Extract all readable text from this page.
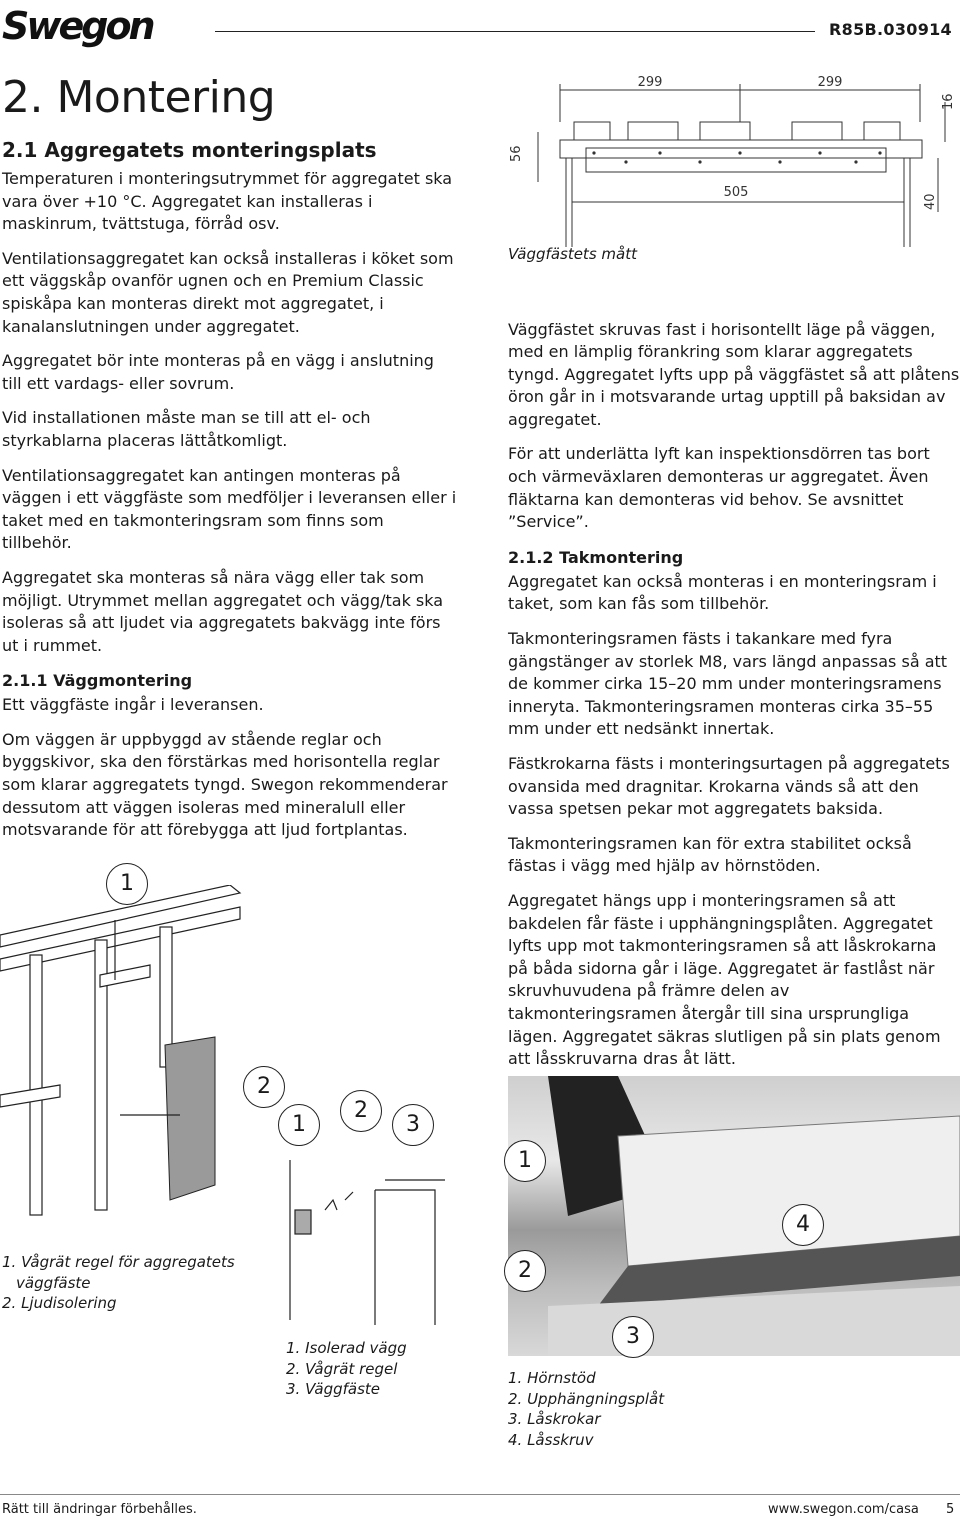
Swegon	R85B.030914
2. Montering
2.1 Aggregatets monteringsplats

Temperaturen i monteringsutrymmet för aggregatet ska vara över +10 °C. Aggregatet kan installeras i maskinrum, tvättstuga, förråd osv.

Ventilationsaggregatet kan också installeras i köket som ett väggskåp ovanför ugnen och en Premium Classic spiskåpa kan monteras direkt mot aggregatet, i kanalanslutningen under aggregatet.

Aggregatet bör inte monteras på en vägg i anslutning till ett vardags- eller sovrum.

Vid installationen måste man se till att el- och styrkablarna placeras lättåtkomligt.

Ventilationsaggregatet kan antingen monteras på väggen i ett väggfäste som medföljer i leveransen eller i taket med en takmonteringsram som finns som tillbehör.

Aggregatet ska monteras så nära vägg eller tak som möjligt. Utrymmet mellan aggregatet och vägg/tak ska isoleras så att ljudet via aggregatets bakvägg inte förs ut i rummet.

2.1.1 Väggmontering

Ett väggfäste ingår i leveransen.

Om väggen är uppbyggd av stående reglar och byggskivor, ska den förstärkas med horisontella reglar som klarar aggregatets tyngd. Swegon rekommenderar dessutom att väggen isoleras med mineralull eller motsvarande för att förebygga att ljud fortplantas.

299	299
16
56
505
40
Väggfästets mått

Väggfästet skruvas fast i horisontellt läge på väggen, med en lämplig förankring som klarar aggregatets tyngd. Aggregatet lyfts upp på väggfästet så att plåtens öron går in i motsvarande urtag upptill på baksidan av aggregatet.

För att underlätta lyft kan inspektionsdörren tas bort och värmeväxlaren demonteras ur aggregatet. Även fläktarna kan demonteras vid behov. Se avsnittet ”Service”.

2.1.2 Takmontering

Aggregatet kan också monteras i en monteringsram i taket, som kan fås som tillbehör.

Takmonteringsramen fästs i takankare med fyra gängstänger av storlek M8, vars längd anpassas så att de kommer cirka 15–20 mm under monteringsramens inneryta. Takmonteringsramen monteras cirka 35–55 mm under ett nedsänkt innertak.

Fästkrokarna fästs i monteringsurtagen på aggregatets ovansida med dragnitar. Krokarna vänds så att den vassa spetsen pekar mot aggregatets baksida.

Takmonteringsramen kan för extra stabilitet också fästas i vägg med hjälp av hörnstöden.

Aggregatet hängs upp i monteringsramen så att bakdelen får fäste i upphängningsplåten. Aggregatet lyfts upp mot takmonteringsramen så att låskrokarna på båda sidorna går i läge. Aggregatet är fastlåst när skruvhuvudena på främre delen av takmonteringsramen återgår till sina ursprungliga lägen. Aggregatet säkras slutligen på sin plats genom att låsskruvarna dras åt lätt.

1
2
1. Vågrät regel för aggregatets
väggfäste
2. Ljudisolering
1
2
3
1. Isolerad vägg
2. Vågrät regel
3. Väggfäste
1
4
2
3
1. Hörnstöd
2. Upphängningsplåt
3. Låskrokar
4. Låsskruv
Rätt till ändringar förbehålles.	www.swegon.com/casa 5
